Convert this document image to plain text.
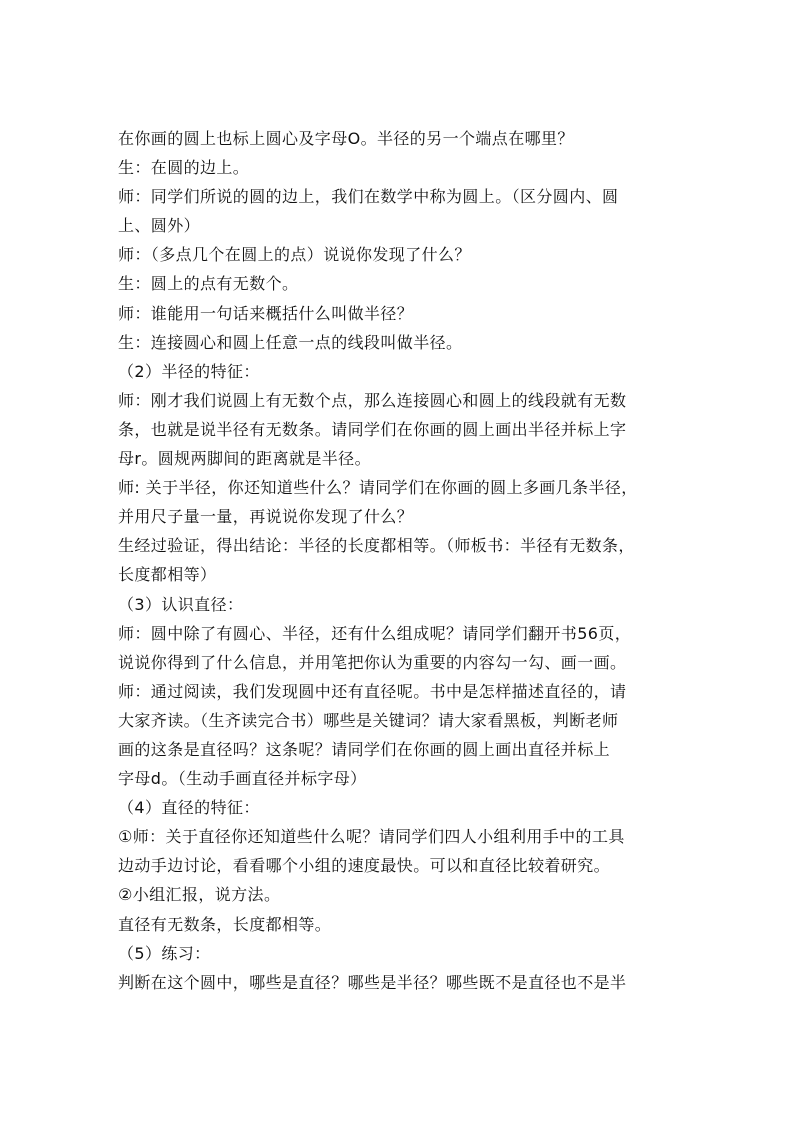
在你画的圆上也标上圆心及字母O。半径的另一个端点在哪里？
生：在圆的边上。
师：同学们所说的圆的边上，我们在数学中称为圆上。（区分圆内、圆
上、圆外）
师：（多点几个在圆上的点）说说你发现了什么？
生：圆上的点有无数个。
师：谁能用一句话来概括什么叫做半径？
生：连接圆心和圆上任意一点的线段叫做半径。
（2）半径的特征：
师：刚才我们说圆上有无数个点，那么连接圆心和圆上的线段就有无数
条，也就是说半径有无数条。请同学们在你画的圆上画出半径并标上字
母r。圆规两脚间的距离就是半径。
师: 关于半径，你还知道些什么？请同学们在你画的圆上多画几条半径，
并用尺子量一量，再说说你发现了什么？
生经过验证，得出结论：半径的长度都相等。（师板书：半径有无数条，
长度都相等）
（3）认识直径：
师：圆中除了有圆心、半径，还有什么组成呢？请同学们翻开书56页，
说说你得到了什么信息，并用笔把你认为重要的内容勾一勾、画一画。
师：通过阅读，我们发现圆中还有直径呢。书中是怎样描述直径的，请
大家齐读。（生齐读完合书）哪些是关键词？请大家看黑板，判断老师
画的这条是直径吗？这条呢？请同学们在你画的圆上画出直径并标上
字母d。（生动手画直径并标字母）
（4）直径的特征：
①师：关于直径你还知道些什么呢？请同学们四人小组利用手中的工具
边动手边讨论，看看哪个小组的速度最快。可以和直径比较着研究。
②小组汇报，说方法。
直径有无数条，长度都相等。
（5）练习：
判断在这个圆中，哪些是直径？哪些是半径？哪些既不是直径也不是半
